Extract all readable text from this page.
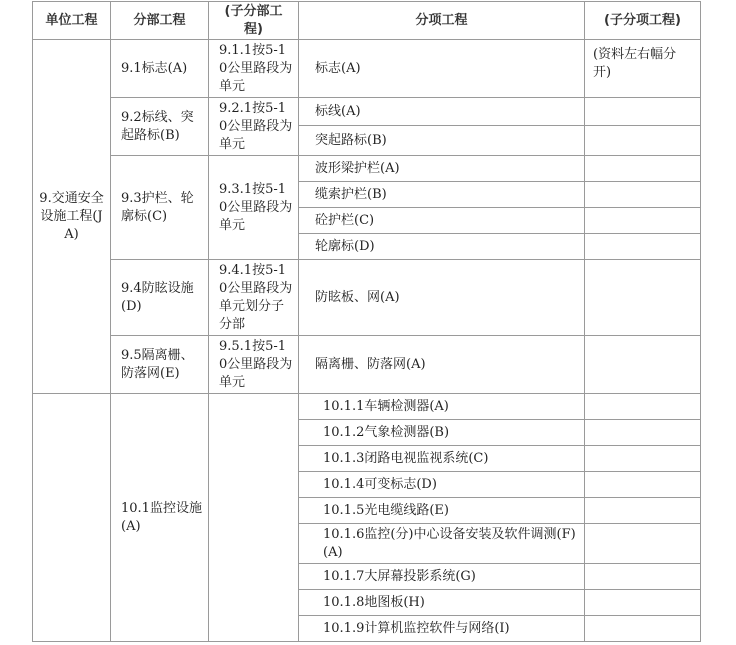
单位工程	分部工程	(子分部工程)	分项工程	(子分项工程)
9.交通安全设施工程(JA)	9.1标志(A)	9.1.1按5-10公里路段为单元	标志(A)	(资料左右幅分开)
	9.2标线、突起路标(B)	9.2.1按5-10公里路段为单元	标线(A)	
			突起路标(B)	
	9.3护栏、轮廓标(C)	9.3.1按5-10公里路段为单元	波形梁护栏(A)	
			缆索护栏(B)	
			砼护栏(C)	
			轮廓标(D)	
	9.4防眩设施(D)	9.4.1按5-10公里路段为单元划分子分部	防眩板、网(A)	
	9.5隔离栅、防落网(E)	9.5.1按5-10公里路段为单元	隔离栅、防落网(A)	

	10.1监控设施(A)		10.1.1车辆检测器(A)	
			10.1.2气象检测器(B)	
			10.1.3闭路电视监视系统(C)	
			10.1.4可变标志(D)	
			10.1.5光电缆线路(E)	
			10.1.6监控(分)中心设备安装及软件调测(F)(A)	
			10.1.7大屏幕投影系统(G)	
			10.1.8地图板(H)	
			10.1.9计算机监控软件与网络(I)	
